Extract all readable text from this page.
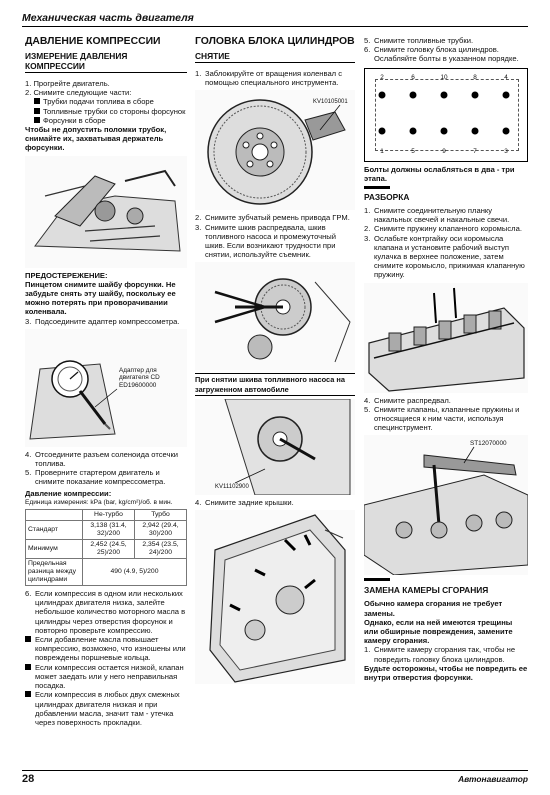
Механическая часть двигателя
ДАВЛЕНИЕ КОМПРЕССИИ
ИЗМЕРЕНИЕ ДАВЛЕНИЯ КОМПРЕССИИ

1. Прогрейте двигатель.

2. Снимите следующие части:

Трубки подачи топлива в сборе
Топливные трубки со стороны форсунок
Форсунки в сборе

Чтобы не допустить поломки трубок, снимайте их, захватывая держатель форсунки.

ПРЕДОСТЕРЕЖЕНИЕ:

Пинцетом снимите шайбу форсунки. Не забудьте снять эту шайбу, поскольку ее можно потерять при проворачивании коленвала.

3. Подсоедините адаптер компрессометра.
Адаптер для двигателя CD ED19600000
4. Отсоедините разъем соленоида отсечки топлива.
5. Проверните стартером двигатель и снимите показание компрессометра.

Давление компрессии:

Единица измерения: kPa (bar, kg/cm²)/об. в мин.

	Не-турбо	Турбо
Стандарт	3,138 (31.4, 32)/200	2,942 (29.4, 30)/200
Минимум	2,452 (24.5, 25)/200	2,354 (23.5, 24)/200
Предельная разница между цилиндрами	490 (4.9, 5)/200	
6. Если компрессия в одном или нескольких цилиндрах двигателя низка, залейте небольшое количество моторного масла в цилиндры через отверстия форсунок и повторно проверьте компрессию.
Если добавление масла повышает компрессию, возможно, что изношены или повреждены поршневые кольца.
Если компрессия остается низкой, клапан может заедать или у него неправильная посадка.
Если компрессия в любых двух смежных цилиндрах двигателя низкая и при добавлении масла, значит там - утечка через поверхность прокладки.
ГОЛОВКА БЛОКА ЦИЛИНДРОВ
СНЯТИЕ
1. Заблокируйте от вращения коленвал с помощью специального инструмента.
KV10105001
2. Снимите зубчатый ремень привода ГРМ.
3. Снимите шкив распредвала, шкив топливного насоса и промежуточный шкив. Если возникают трудности при снятии, используйте съемник.
При снятии шкива топливного насоса на загруженном автомобиле
KV11102900
4. Снимите задние крышки.
5. Снимите топливные трубки.
6. Снимите головку блока цилиндров. Ослабляйте болты в указанном порядке.
2	6	10	8	4
1	5	9	7	3

Болты должны ослабляться в два - три этапа.

РАЗБОРКА
1. Снимите соединительную планку накальных свечей и накальные свечи.
2. Снимите пружину клапанного коромысла.
3. Ослабьте контргайку оси коромысла клапана и установите рабочий выступ кулачка в верхнее положение, затем снимите коромысло, прижимая клапанную пружину.
4. Снимите распредвал.
5. Снимите клапаны, клапанные пружины и относящиеся к ним части, используя специнструмент.
ST12070000
ЗАМЕНА КАМЕРЫ СГОРАНИЯ

Обычно камера сгорания не требует замены.

Однако, если на ней имеются трещины или обширные повреждения, замените камеру сгорания.

1. Снимите камеру сгорания так, чтобы не повредить головку блока цилиндров.

Будьте осторожны, чтобы не повредить ее внутри отверстия форсунки.

28	Автонавигатор
